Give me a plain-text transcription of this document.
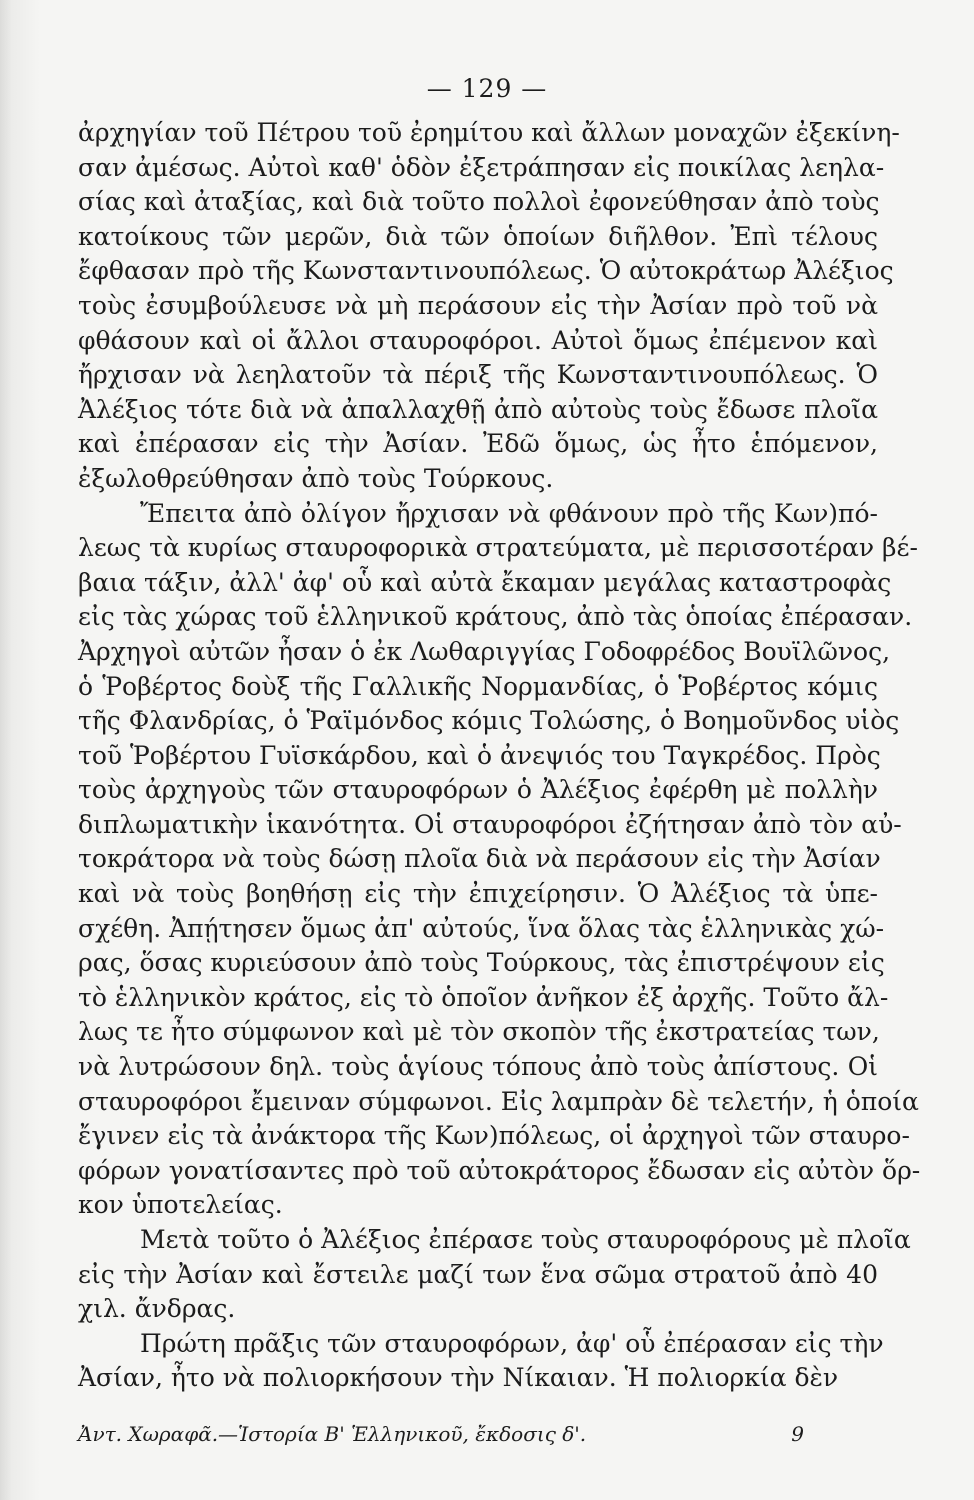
— 129 —
ἀρχηγίαν τοῦ Πέτρου τοῦ ἐρημίτου καὶ ἄλλων μοναχῶν ἐξεκίνη-
σαν ἀμέσως. Αὐτοὶ καθ' ὁδὸν ἐξετράπησαν εἰς ποικίλας λεηλα-
σίας καὶ ἀταξίας, καὶ διὰ τοῦτο πολλοὶ ἐφονεύθησαν ἀπὸ τοὺς
κατοίκους τῶν μερῶν, διὰ τῶν ὁποίων διῆλθον. Ἐπὶ τέλους
ἔφθασαν πρὸ τῆς Κωνσταντινουπόλεως. Ὁ αὐτοκράτωρ Ἀλέξιος
τοὺς ἐσυμβούλευσε νὰ μὴ περάσουν εἰς τὴν Ἀσίαν πρὸ τοῦ νὰ
φθάσουν καὶ οἱ ἄλλοι σταυροφόροι. Αὐτοὶ ὅμως ἐπέμενον καὶ
ἤρχισαν νὰ λεηλατοῦν τὰ πέριξ τῆς Κωνσταντινουπόλεως. Ὁ
Ἀλέξιος τότε διὰ νὰ ἀπαλλαχθῇ ἀπὸ αὐτοὺς τοὺς ἔδωσε πλοῖα
καὶ ἐπέρασαν εἰς τὴν Ἀσίαν. Ἐδῶ ὅμως, ὡς ἦτο ἑπόμενον,
ἐξωλοθρεύθησαν ἀπὸ τοὺς Τούρκους.
Ἔπειτα ἀπὸ ὀλίγον ἤρχισαν νὰ φθάνουν πρὸ τῆς Κων)πό-
λεως τὰ κυρίως σταυροφορικὰ στρατεύματα, μὲ περισσοτέραν βέ-
βαια τάξιν, ἀλλ' ἀφ' οὗ καὶ αὐτὰ ἔκαμαν μεγάλας καταστροφὰς
εἰς τὰς χώρας τοῦ ἑλληνικοῦ κράτους, ἀπὸ τὰς ὁποίας ἐπέρασαν.
Ἀρχηγοὶ αὐτῶν ἦσαν ὁ ἐκ Λωθαριγγίας Γοδοφρέδος Βουϊλῶνος,
ὁ Ῥοβέρτος δοὺξ τῆς Γαλλικῆς Νορμανδίας, ὁ Ῥοβέρτος κόμις
τῆς Φλανδρίας, ὁ Ῥαϊμόνδος κόμις Τολώσης, ὁ Βοημοῦνδος υἱὸς
τοῦ Ῥοβέρτου Γυϊσκάρδου, καὶ ὁ ἀνεψιός του Ταγκρέδος. Πρὸς
τοὺς ἀρχηγοὺς τῶν σταυροφόρων ὁ Ἀλέξιος ἐφέρθη μὲ πολλὴν
διπλωματικὴν ἱκανότητα. Οἱ σταυροφόροι ἐζήτησαν ἀπὸ τὸν αὐ-
τοκράτορα νὰ τοὺς δώσῃ πλοῖα διὰ νὰ περάσουν εἰς τὴν Ἀσίαν
καὶ νὰ τοὺς βοηθήσῃ εἰς τὴν ἐπιχείρησιν. Ὁ Ἀλέξιος τὰ ὑπε-
σχέθη. Ἀπῄτησεν ὅμως ἀπ' αὐτούς, ἵνα ὅλας τὰς ἑλληνικὰς χώ-
ρας, ὅσας κυριεύσουν ἀπὸ τοὺς Τούρκους, τὰς ἐπιστρέψουν εἰς
τὸ ἑλληνικὸν κράτος, εἰς τὸ ὁποῖον ἀνῆκον ἐξ ἀρχῆς. Τοῦτο ἄλ-
λως τε ἦτο σύμφωνον καὶ μὲ τὸν σκοπὸν τῆς ἐκστρατείας των,
νὰ λυτρώσουν δηλ. τοὺς ἁγίους τόπους ἀπὸ τοὺς ἀπίστους. Οἱ
σταυροφόροι ἔμειναν σύμφωνοι. Εἰς λαμπρὰν δὲ τελετήν, ἡ ὁποία
ἔγινεν εἰς τὰ ἀνάκτορα τῆς Κων)πόλεως, οἱ ἀρχηγοὶ τῶν σταυρο-
φόρων γονατίσαντες πρὸ τοῦ αὐτοκράτορος ἔδωσαν εἰς αὐτὸν ὅρ-
κον ὑποτελείας.
Μετὰ τοῦτο ὁ Ἀλέξιος ἐπέρασε τοὺς σταυροφόρους μὲ πλοῖα
εἰς τὴν Ἀσίαν καὶ ἔστειλε μαζί των ἕνα σῶμα στρατοῦ ἀπὸ 40
χιλ. ἄνδρας.
Πρώτη πρᾶξις τῶν σταυροφόρων, ἀφ' οὗ ἐπέρασαν εἰς τὴν
Ἀσίαν, ἦτο νὰ πολιορκήσουν τὴν Νίκαιαν. Ἡ πολιορκία δὲν
Ἀντ. Χωραφᾶ.—Ἱστορία Β' Ἑλληνικοῦ, ἔκδοσις δ'.	9
